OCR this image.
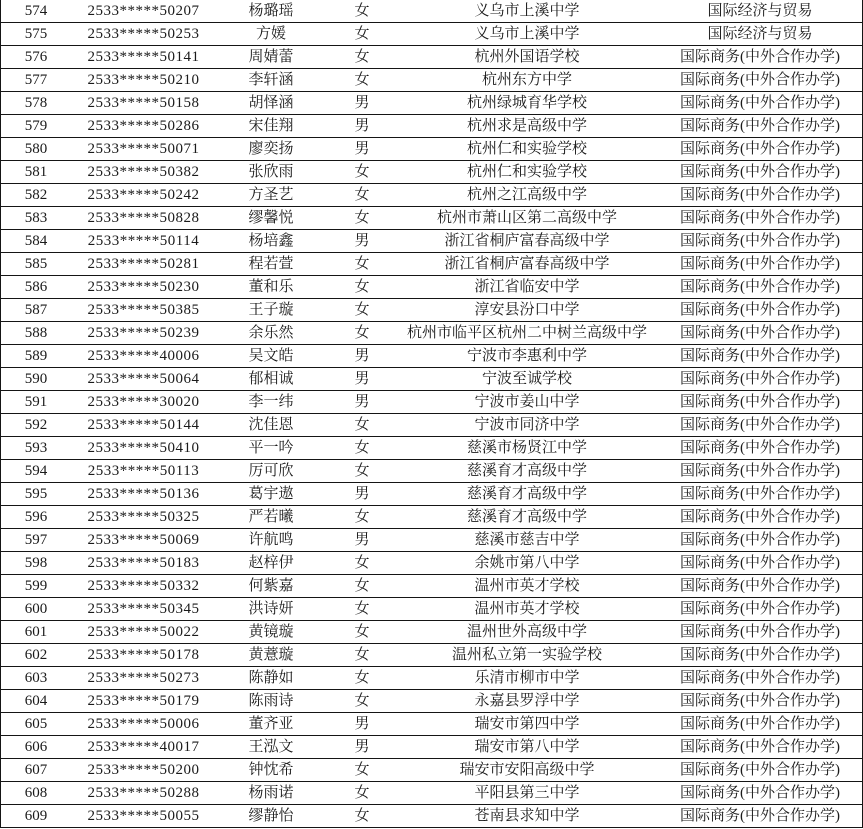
574	2533*****50207	杨璐瑶	女	义乌市上溪中学	国际经济与贸易
575	2533*****50253	方媛	女	义乌市上溪中学	国际经济与贸易
576	2533*****50141	周婧蕾	女	杭州外国语学校	国际商务(中外合作办学)
577	2533*****50210	李轩涵	女	杭州东方中学	国际商务(中外合作办学)
578	2533*****50158	胡怿涵	男	杭州绿城育华学校	国际商务(中外合作办学)
579	2533*****50286	宋佳翔	男	杭州求是高级中学	国际商务(中外合作办学)
580	2533*****50071	廖奕扬	男	杭州仁和实验学校	国际商务(中外合作办学)
581	2533*****50382	张欣雨	女	杭州仁和实验学校	国际商务(中外合作办学)
582	2533*****50242	方圣艺	女	杭州之江高级中学	国际商务(中外合作办学)
583	2533*****50828	缪馨悦	女	杭州市萧山区第二高级中学	国际商务(中外合作办学)
584	2533*****50114	杨培鑫	男	浙江省桐庐富春高级中学	国际商务(中外合作办学)
585	2533*****50281	程若萱	女	浙江省桐庐富春高级中学	国际商务(中外合作办学)
586	2533*****50230	董和乐	女	浙江省临安中学	国际商务(中外合作办学)
587	2533*****50385	王子璇	女	淳安县汾口中学	国际商务(中外合作办学)
588	2533*****50239	余乐然	女	杭州市临平区杭州二中树兰高级中学	国际商务(中外合作办学)
589	2533*****40006	吴文皓	男	宁波市李惠利中学	国际商务(中外合作办学)
590	2533*****50064	郁相诚	男	宁波至诚学校	国际商务(中外合作办学)
591	2533*****30020	李一纬	男	宁波市姜山中学	国际商务(中外合作办学)
592	2533*****50144	沈佳恩	女	宁波市同济中学	国际商务(中外合作办学)
593	2533*****50410	平一吟	女	慈溪市杨贤江中学	国际商务(中外合作办学)
594	2533*****50113	厉可欣	女	慈溪育才高级中学	国际商务(中外合作办学)
595	2533*****50136	葛宇遨	男	慈溪育才高级中学	国际商务(中外合作办学)
596	2533*****50325	严若曦	女	慈溪育才高级中学	国际商务(中外合作办学)
597	2533*****50069	许航鸣	男	慈溪市慈吉中学	国际商务(中外合作办学)
598	2533*****50183	赵梓伊	女	余姚市第八中学	国际商务(中外合作办学)
599	2533*****50332	何紫嘉	女	温州市英才学校	国际商务(中外合作办学)
600	2533*****50345	洪诗妍	女	温州市英才学校	国际商务(中外合作办学)
601	2533*****50022	黄镜璇	女	温州世外高级中学	国际商务(中外合作办学)
602	2533*****50178	黄薏璇	女	温州私立第一实验学校	国际商务(中外合作办学)
603	2533*****50273	陈静如	女	乐清市柳市中学	国际商务(中外合作办学)
604	2533*****50179	陈雨诗	女	永嘉县罗浮中学	国际商务(中外合作办学)
605	2533*****50006	董齐亚	男	瑞安市第四中学	国际商务(中外合作办学)
606	2533*****40017	王泓文	男	瑞安市第八中学	国际商务(中外合作办学)
607	2533*****50200	钟忱希	女	瑞安市安阳高级中学	国际商务(中外合作办学)
608	2533*****50288	杨雨诺	女	平阳县第三中学	国际商务(中外合作办学)
609	2533*****50055	缪静怡	女	苍南县求知中学	国际商务(中外合作办学)
